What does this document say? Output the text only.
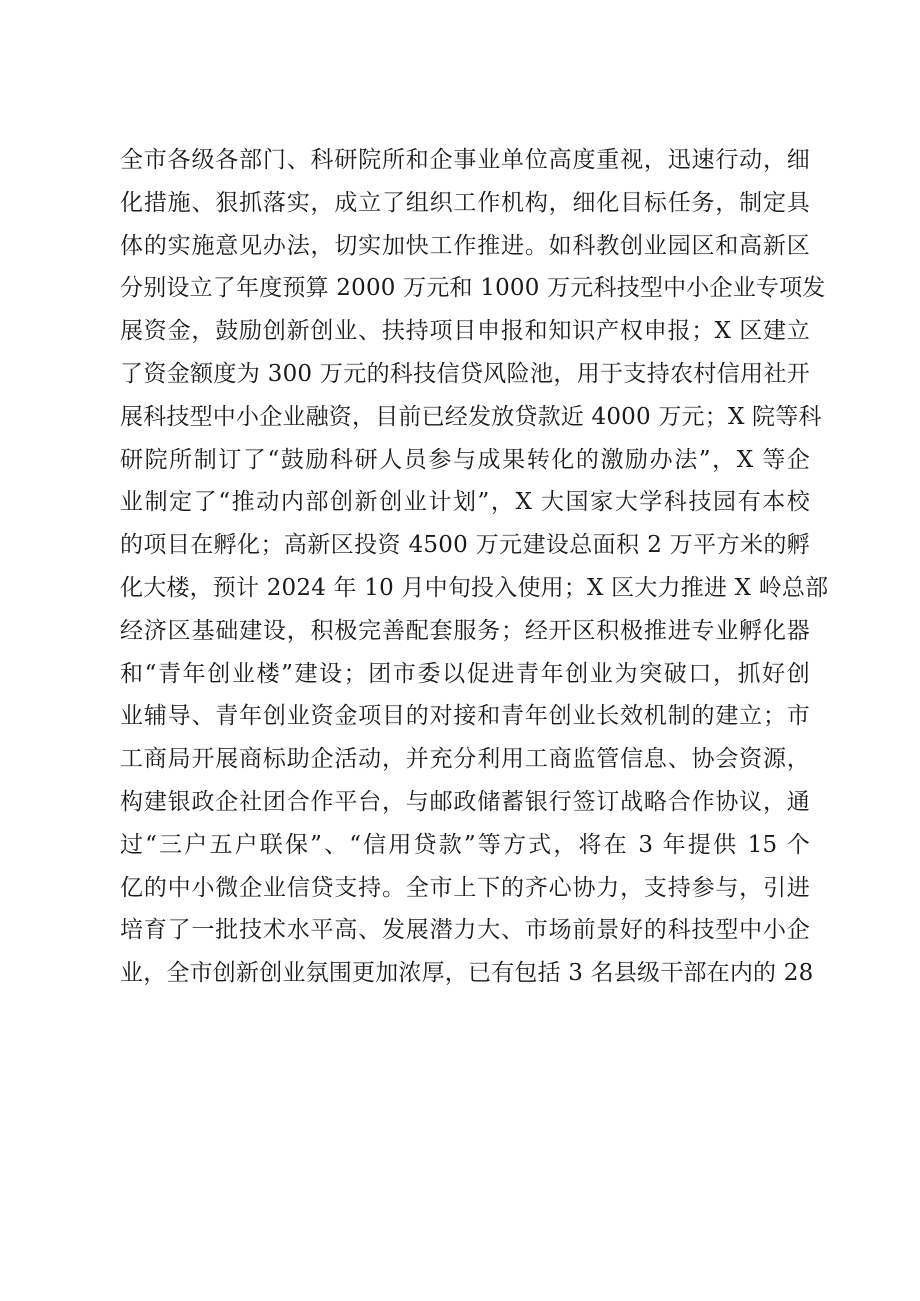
全市各级各部门、科研院所和企事业单位高度重视，迅速行动，细
化措施、狠抓落实，成立了组织工作机构，细化目标任务，制定具
体的实施意见办法，切实加快工作推进。如科教创业园区和高新区
分别设立了年度预算 2000 万元和 1000 万元科技型中小企业专项发
展资金，鼓励创新创业、扶持项目申报和知识产权申报；X 区建立
了资金额度为 300 万元的科技信贷风险池，用于支持农村信用社开
展科技型中小企业融资，目前已经发放贷款近 4000 万元；X 院等科
研院所制订了“鼓励科研人员参与成果转化的激励办法”，X 等企
业制定了“推动内部创新创业计划”，X 大国家大学科技园有本校
的项目在孵化；高新区投资 4500 万元建设总面积 2 万平方米的孵
化大楼，预计 2024 年 10 月中旬投入使用；X 区大力推进 X 岭总部
经济区基础建设，积极完善配套服务；经开区积极推进专业孵化器
和“青年创业楼”建设；团市委以促进青年创业为突破口，抓好创
业辅导、青年创业资金项目的对接和青年创业长效机制的建立；市
工商局开展商标助企活动，并充分利用工商监管信息、协会资源，
构建银政企社团合作平台，与邮政储蓄银行签订战略合作协议，通
过“三户五户联保”、“信用贷款”等方式，将在 3 年提供 15 个
亿的中小微企业信贷支持。全市上下的齐心协力，支持参与，引进
培育了一批技术水平高、发展潜力大、市场前景好的科技型中小企
业，全市创新创业氛围更加浓厚，已有包括 3 名县级干部在内的 28
